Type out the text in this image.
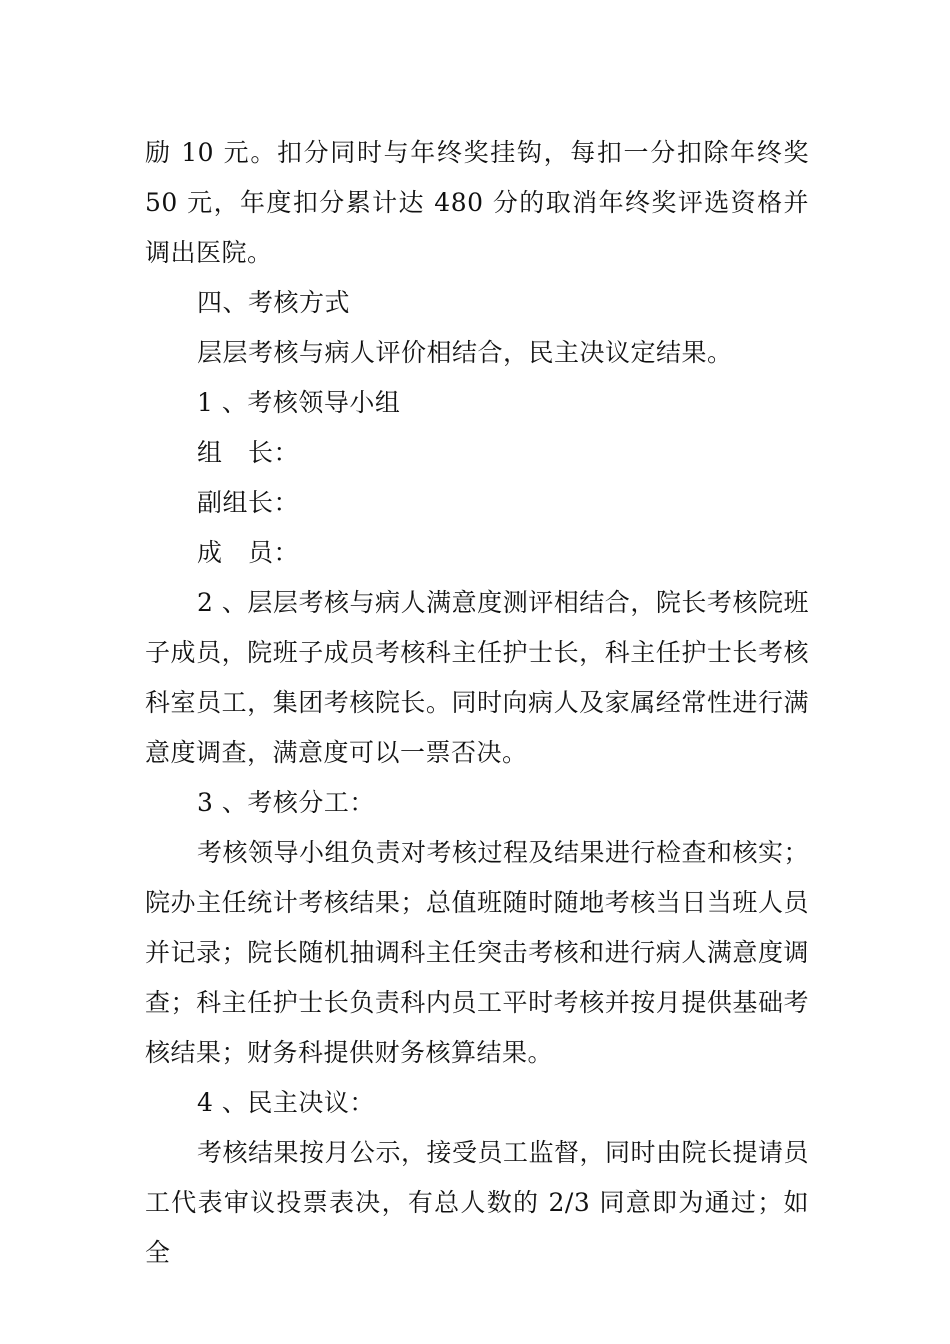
励 10 元。扣分同时与年终奖挂钩，每扣一分扣除年终奖 50 元，年度扣分累计达 480 分的取消年终奖评选资格并调出医院。

四、考核方式

层层考核与病人评价相结合，民主决议定结果。

1 、考核领导小组

组　长：

副组长：

成　员：

2 、层层考核与病人满意度测评相结合，院长考核院班子成员，院班子成员考核科主任护士长，科主任护士长考核科室员工，集团考核院长。同时向病人及家属经常性进行满意度调查，满意度可以一票否决。

3 、考核分工：

考核领导小组负责对考核过程及结果进行检查和核实；院办主任统计考核结果；总值班随时随地考核当日当班人员并记录；院长随机抽调科主任突击考核和进行病人满意度调查；科主任护士长负责科内员工平时考核并按月提供基础考核结果；财务科提供财务核算结果。

4 、民主决议：

考核结果按月公示，接受员工监督，同时由院长提请员工代表审议投票表决，有总人数的 2/3 同意即为通过；如全
